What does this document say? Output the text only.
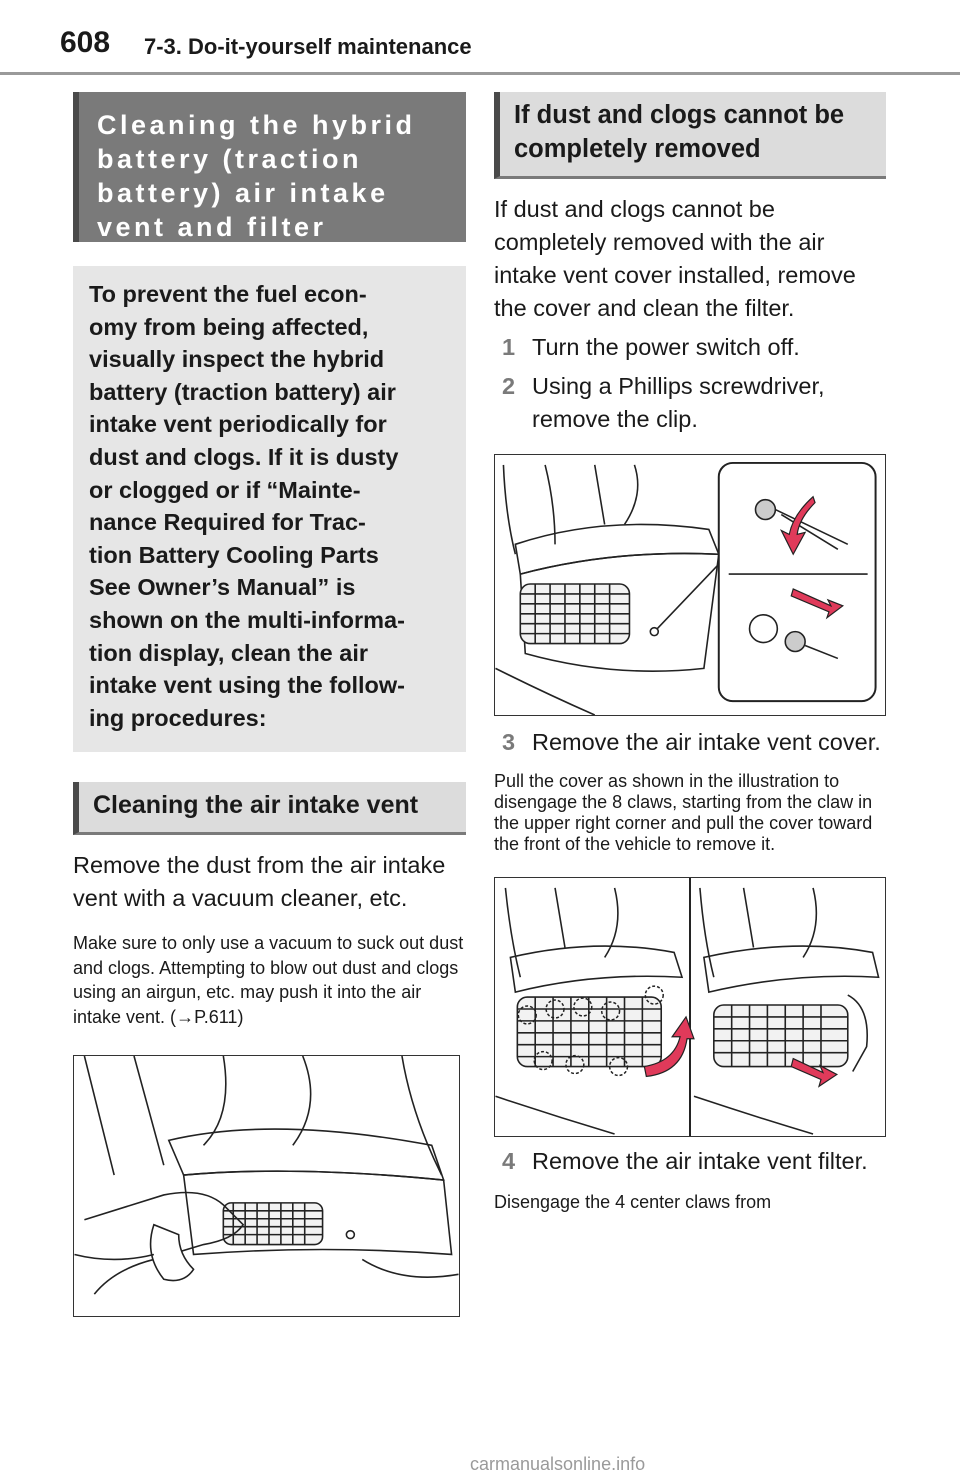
608 7-3. Do-it-yourself maintenance
Cleaning the hybrid battery (traction battery) air intake vent and filter
To prevent the fuel econ-
omy from being affected,
visually inspect the hybrid
battery (traction battery) air
intake vent periodically for
dust and clogs. If it is dusty
or clogged or if “Mainte-
nance Required for Trac-
tion Battery Cooling Parts
See Owner’s Manual” is
shown on the multi-informa-
tion display, clean the air
intake vent using the follow-
ing procedures:
Cleaning the air intake vent
Remove the dust from the air intake vent with a vacuum cleaner, etc.
Make sure to only use a vacuum to suck out dust and clogs. Attempting to blow out dust and clogs using an airgun, etc. may push it into the air intake vent. (→P.611)
If dust and clogs cannot be completely removed
If dust and clogs cannot be completely removed with the air intake vent cover installed, remove the cover and clean the filter.
1 Turn the power switch off.
2 Using a Phillips screwdriver, remove the clip.
3 Remove the air intake vent cover.
Pull the cover as shown in the illustration to disengage the 8 claws, starting from the claw in the upper right corner and pull the cover toward the front of the vehicle to remove it.
4 Remove the air intake vent filter.
Disengage the 4 center claws from
carmanualsonline.info
